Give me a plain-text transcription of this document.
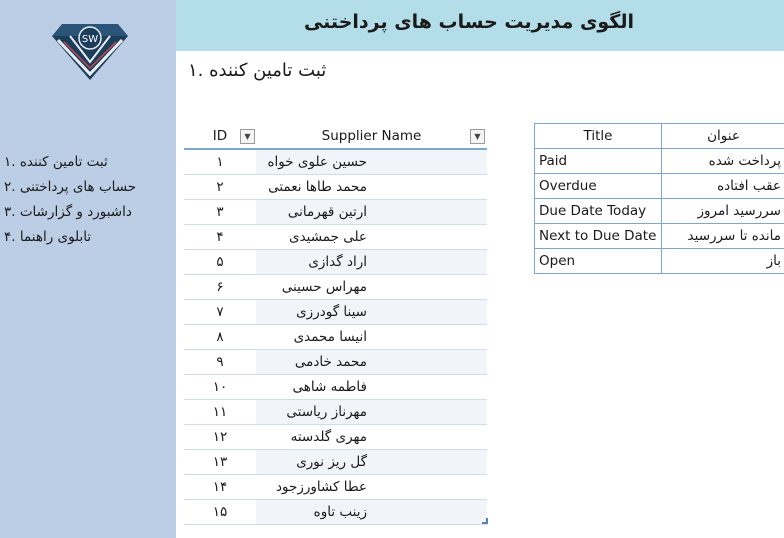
SW
ثبت تامین کننده .۱
حساب های پرداختنی .۲
داشبورد و گزارشات .۳
تابلوی راهنما .۴
الگوی مدیریت حساب های پرداختنی
ثبت تامین کننده .۱
ID ▼	Supplier Name ▼

۱	حسین علوی خواه
۲	محمد طاها نعمتی
۳	ارتین قهرمانی
۴	علی جمشیدی
۵	اراد گدازی
۶	مهراس حسینی
۷	سینا گودرزی
۸	انیسا محمدی
۹	محمد خادمی
۱۰	فاطمه شاهی
۱۱	مهرناز ریاستی
۱۲	مهری گلدسته
۱۳	گل ریز نوری
۱۴	عطا کشاورزجود
۱۵	زینب تاوه
Title	عنوان
Paid	پرداخت شده
Overdue	عقب افتاده
Due Date Today	سررسید امروز
Next to Due Date	مانده تا سررسید
Open	باز
